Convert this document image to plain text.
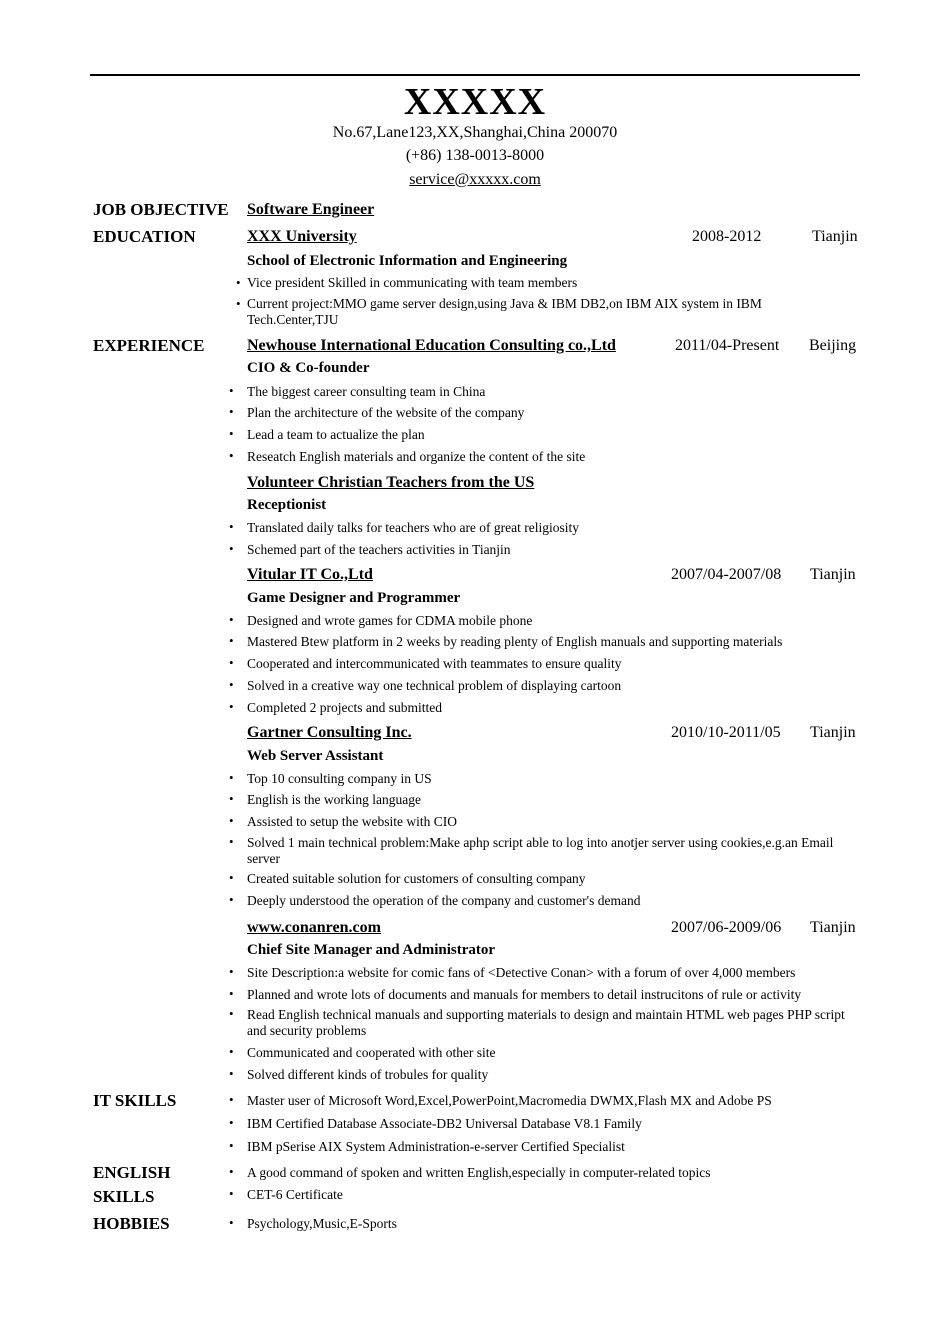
XXXXX
No.67,Lane123,XX,Shanghai,China 200070
(+86) 138-0013-8000
service@xxxxx.com
JOB OBJECTIVE Software Engineer
EDUCATION	XXX University	2008-2012	Tianjin
School of Electronic Information and Engineering
• Vice president Skilled in communicating with team members
• Current project:MMO game server design,using Java & IBM DB2,on IBM AIX system in IBM Tech.Center,TJU
EXPERIENCE	Newhouse International Education Consulting co.,Ltd	2011/04-Present Beijing
CIO & Co-founder
• The biggest career consulting team in China
• Plan the architecture of the website of the company
• Lead a team to actualize the plan
• Reseatch English materials and organize the content of the site
Volunteer Christian Teachers from the US
Receptionist
• Translated daily talks for teachers who are of great religiosity
• Schemed part of the teachers activities in Tianjin
Vitular IT Co.,Ltd	2007/04-2007/08 Tianjin
Game Designer and Programmer
• Designed and wrote games for CDMA mobile phone
• Mastered Btew platform in 2 weeks by reading plenty of English manuals and supporting materials
• Cooperated and intercommunicated with teammates to ensure quality
• Solved in a creative way one technical problem of displaying cartoon
• Completed 2 projects and submitted
Gartner Consulting Inc.	2010/10-2011/05 Tianjin
Web Server Assistant
• Top 10 consulting company in US
• English is the working language
• Assisted to setup the website with CIO
• Solved 1 main technical problem:Make aphp script able to log into anotjer server using cookies,e.g.an Email server
• Created suitable solution for customers of consulting company
• Deeply understood the operation of the company and customer's demand
www.conanren.com	2007/06-2009/06 Tianjin
Chief Site Manager and Administrator
• Site Description:a website for comic fans of <Detective Conan> with a forum of over 4,000 members
• Planned and wrote lots of documents and manuals for members to detail instrucitons of rule or activity
• Read English technical manuals and supporting materials to design and maintain HTML web pages PHP script and security problems
• Communicated and cooperated with other site
• Solved different kinds of trobules for quality
IT SKILLS	• Master user of Microsoft Word,Excel,PowerPoint,Macromedia DWMX,Flash MX and Adobe PS
• IBM Certified Database Associate-DB2 Universal Database V8.1 Family
• IBM pSerise AIX System Administration-e-server Certified Specialist
ENGLISH
SKILLS
• A good command of spoken and written English,especially in computer-related topics
• CET-6 Certificate
HOBBIES	• Psychology,Music,E-Sports
